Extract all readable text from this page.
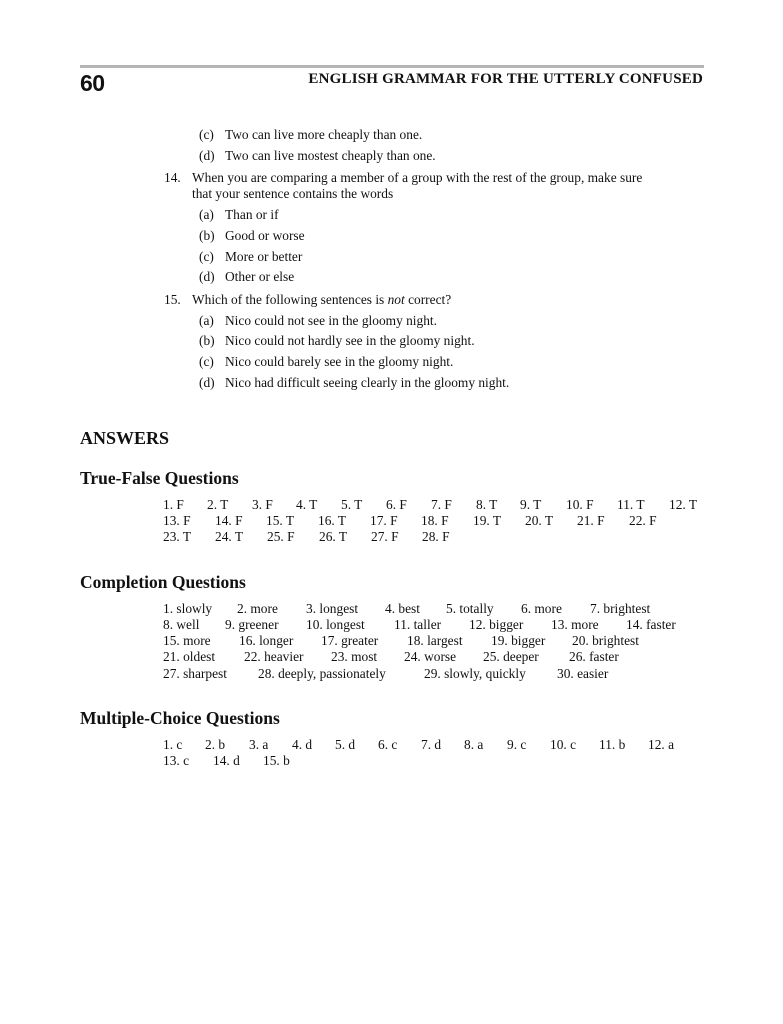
60	ENGLISH GRAMMAR FOR THE UTTERLY CONFUSED
(c) Two can live more cheaply than one.
(d) Two can live mostest cheaply than one.
14. When you are comparing a member of a group with the rest of the group, make sure
that your sentence contains the words
(a) Than or if
(b) Good or worse
(c) More or better
(d) Other or else
15. Which of the following sentences is not correct?
(a) Nico could not see in the gloomy night.
(b) Nico could not hardly see in the gloomy night.
(c) Nico could barely see in the gloomy night.
(d) Nico had difficult seeing clearly in the gloomy night.
ANSWERS
True-False Questions
1. F 2. T 3. F 4. T 5. T 6. F 7. F 8. T 9. T 10. F 11. T 12. T
13. F 14. F 15. T 16. T 17. F 18. F 19. T 20. T 21. F 22. F
23. T 24. T 25. F 26. T 27. F 28. F
Completion Questions
1. slowly 2. more 3. longest 4. best 5. totally 6. more 7. brightest
8. well 9. greener 10. longest 11. taller 12. bigger 13. more 14. faster
15. more 16. longer 17. greater 18. largest 19. bigger 20. brightest
21. oldest 22. heavier 23. most 24. worse 25. deeper 26. faster
27. sharpest 28. deeply, passionately	29. slowly, quickly 30. easier
Multiple-Choice Questions
1. c 2. b 3. a 4. d 5. d 6. c 7. d 8. a 9. c 10. c 11. b 12. a
13. c 14. d 15. b
